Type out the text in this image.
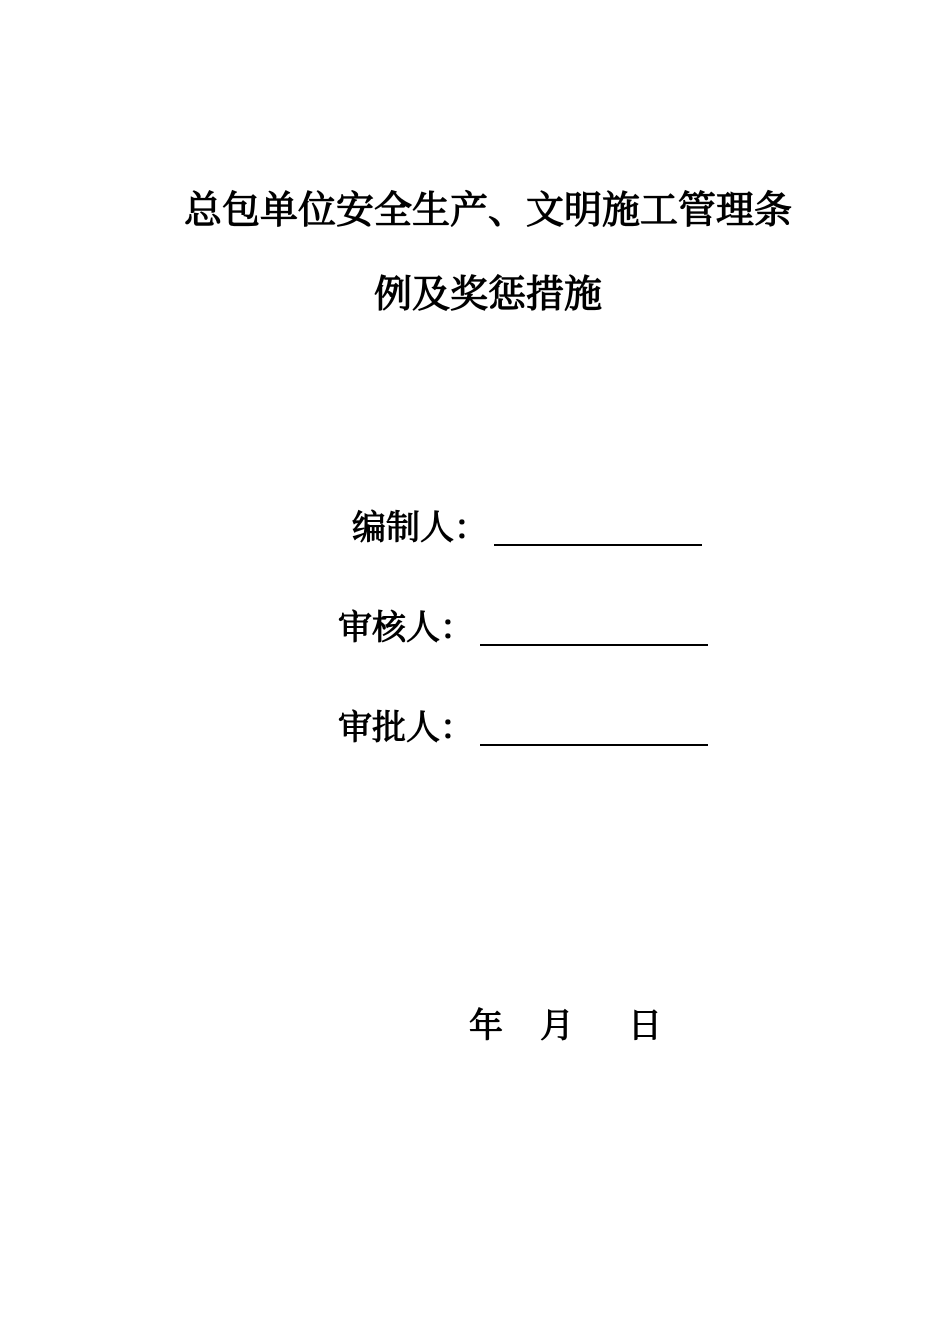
总包单位安全生产、文明施工管理条
例及奖惩措施
编制人：
审核人：
审批人：
年 月 日
